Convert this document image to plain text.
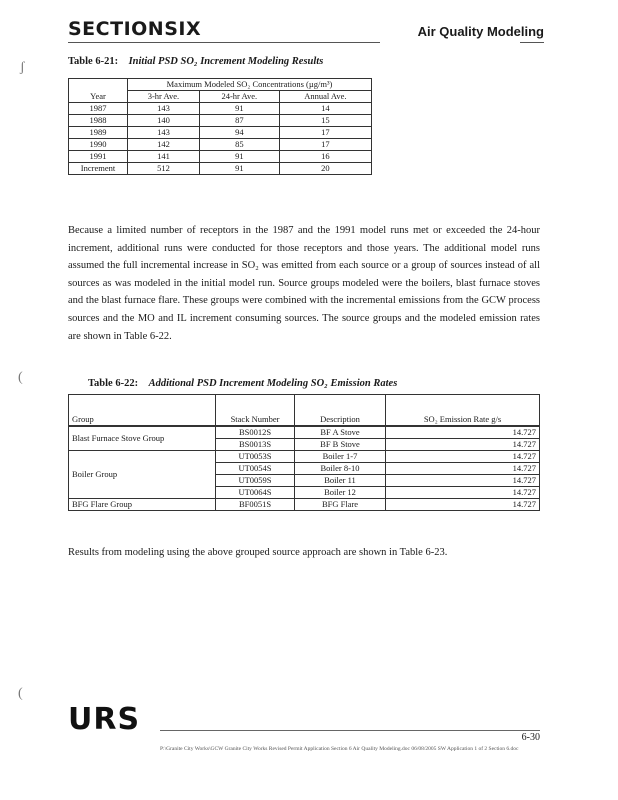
SECTIONSIX	Air Quality Modeling
ʃ
(
(
Table 6-21: Initial PSD SO₂ Increment Modeling Results
Year	Maximum Modeled SO₂ Concentrations (µg/m³)		
	3-hr Ave.	24-hr Ave.	Annual Ave.
1987	143	91	14
1988	140	87	15
1989	143	94	17
1990	142	85	17
1991	141	91	16
Increment	512	91	20
Because a limited number of receptors in the 1987 and the 1991 model runs met or exceeded the 24-hour increment, additional runs were conducted for those receptors and those years. The additional model runs assumed the full incremental increase in SO₂ was emitted from each source or a group of sources instead of all sources as was modeled in the initial model run. Source groups modeled were the boilers, blast furnace stoves and the blast furnace flare. These groups were combined with the incremental emissions from the GCW process sources and the MO and IL increment consuming sources. The source groups and the modeled emission rates are shown in Table 6-22.
Table 6-22: Additional PSD Increment Modeling SO₂ Emission Rates
Group	Stack Number	Description	SO₂ Emission Rate g/s
Blast Furnace Stove Group	BS0012S	BF A Stove	14.727
	BS0013S	BF B Stove	14.727
Boiler Group	UT0053S	Boiler 1-7	14.727
	UT0054S	Boiler 8-10	14.727
	UT0059S	Boiler 11	14.727
	UT0064S	Boiler 12	14.727
BFG Flare Group	BF0051S	BFG Flare	14.727
Results from modeling using the above grouped source approach are shown in Table 6-23.
URS
6-30
P:\Granite City Works\GCW Granite City Works Revised Permit Application Section 6 Air Quality Modeling.doc 06/08/2005 SW Application 1 of 2 Section 6.doc
